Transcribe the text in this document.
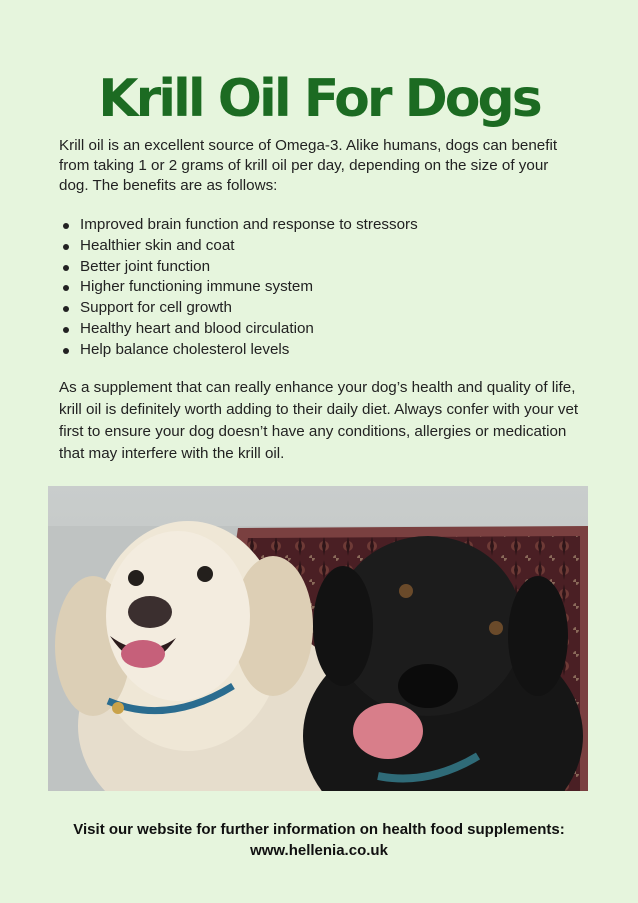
Krill Oil For Dogs

Krill oil is an excellent source of Omega-3. Alike humans, dogs can benefit from taking 1 or 2 grams of krill oil per day, depending on the size of your dog. The benefits are as follows:

Improved brain function and response to stressors
Healthier skin and coat
Better joint function
Higher functioning immune system
Support for cell growth
Healthy heart and blood circulation
Help balance cholesterol levels

As a supplement that can really enhance your dog’s health and quality of life, krill oil is definitely worth adding to their daily diet. Always confer with your vet first to ensure your dog doesn’t have any conditions, allergies or medication that may interfere with the krill oil.

Visit our website for further information on health food supplements:
www.hellenia.co.uk
